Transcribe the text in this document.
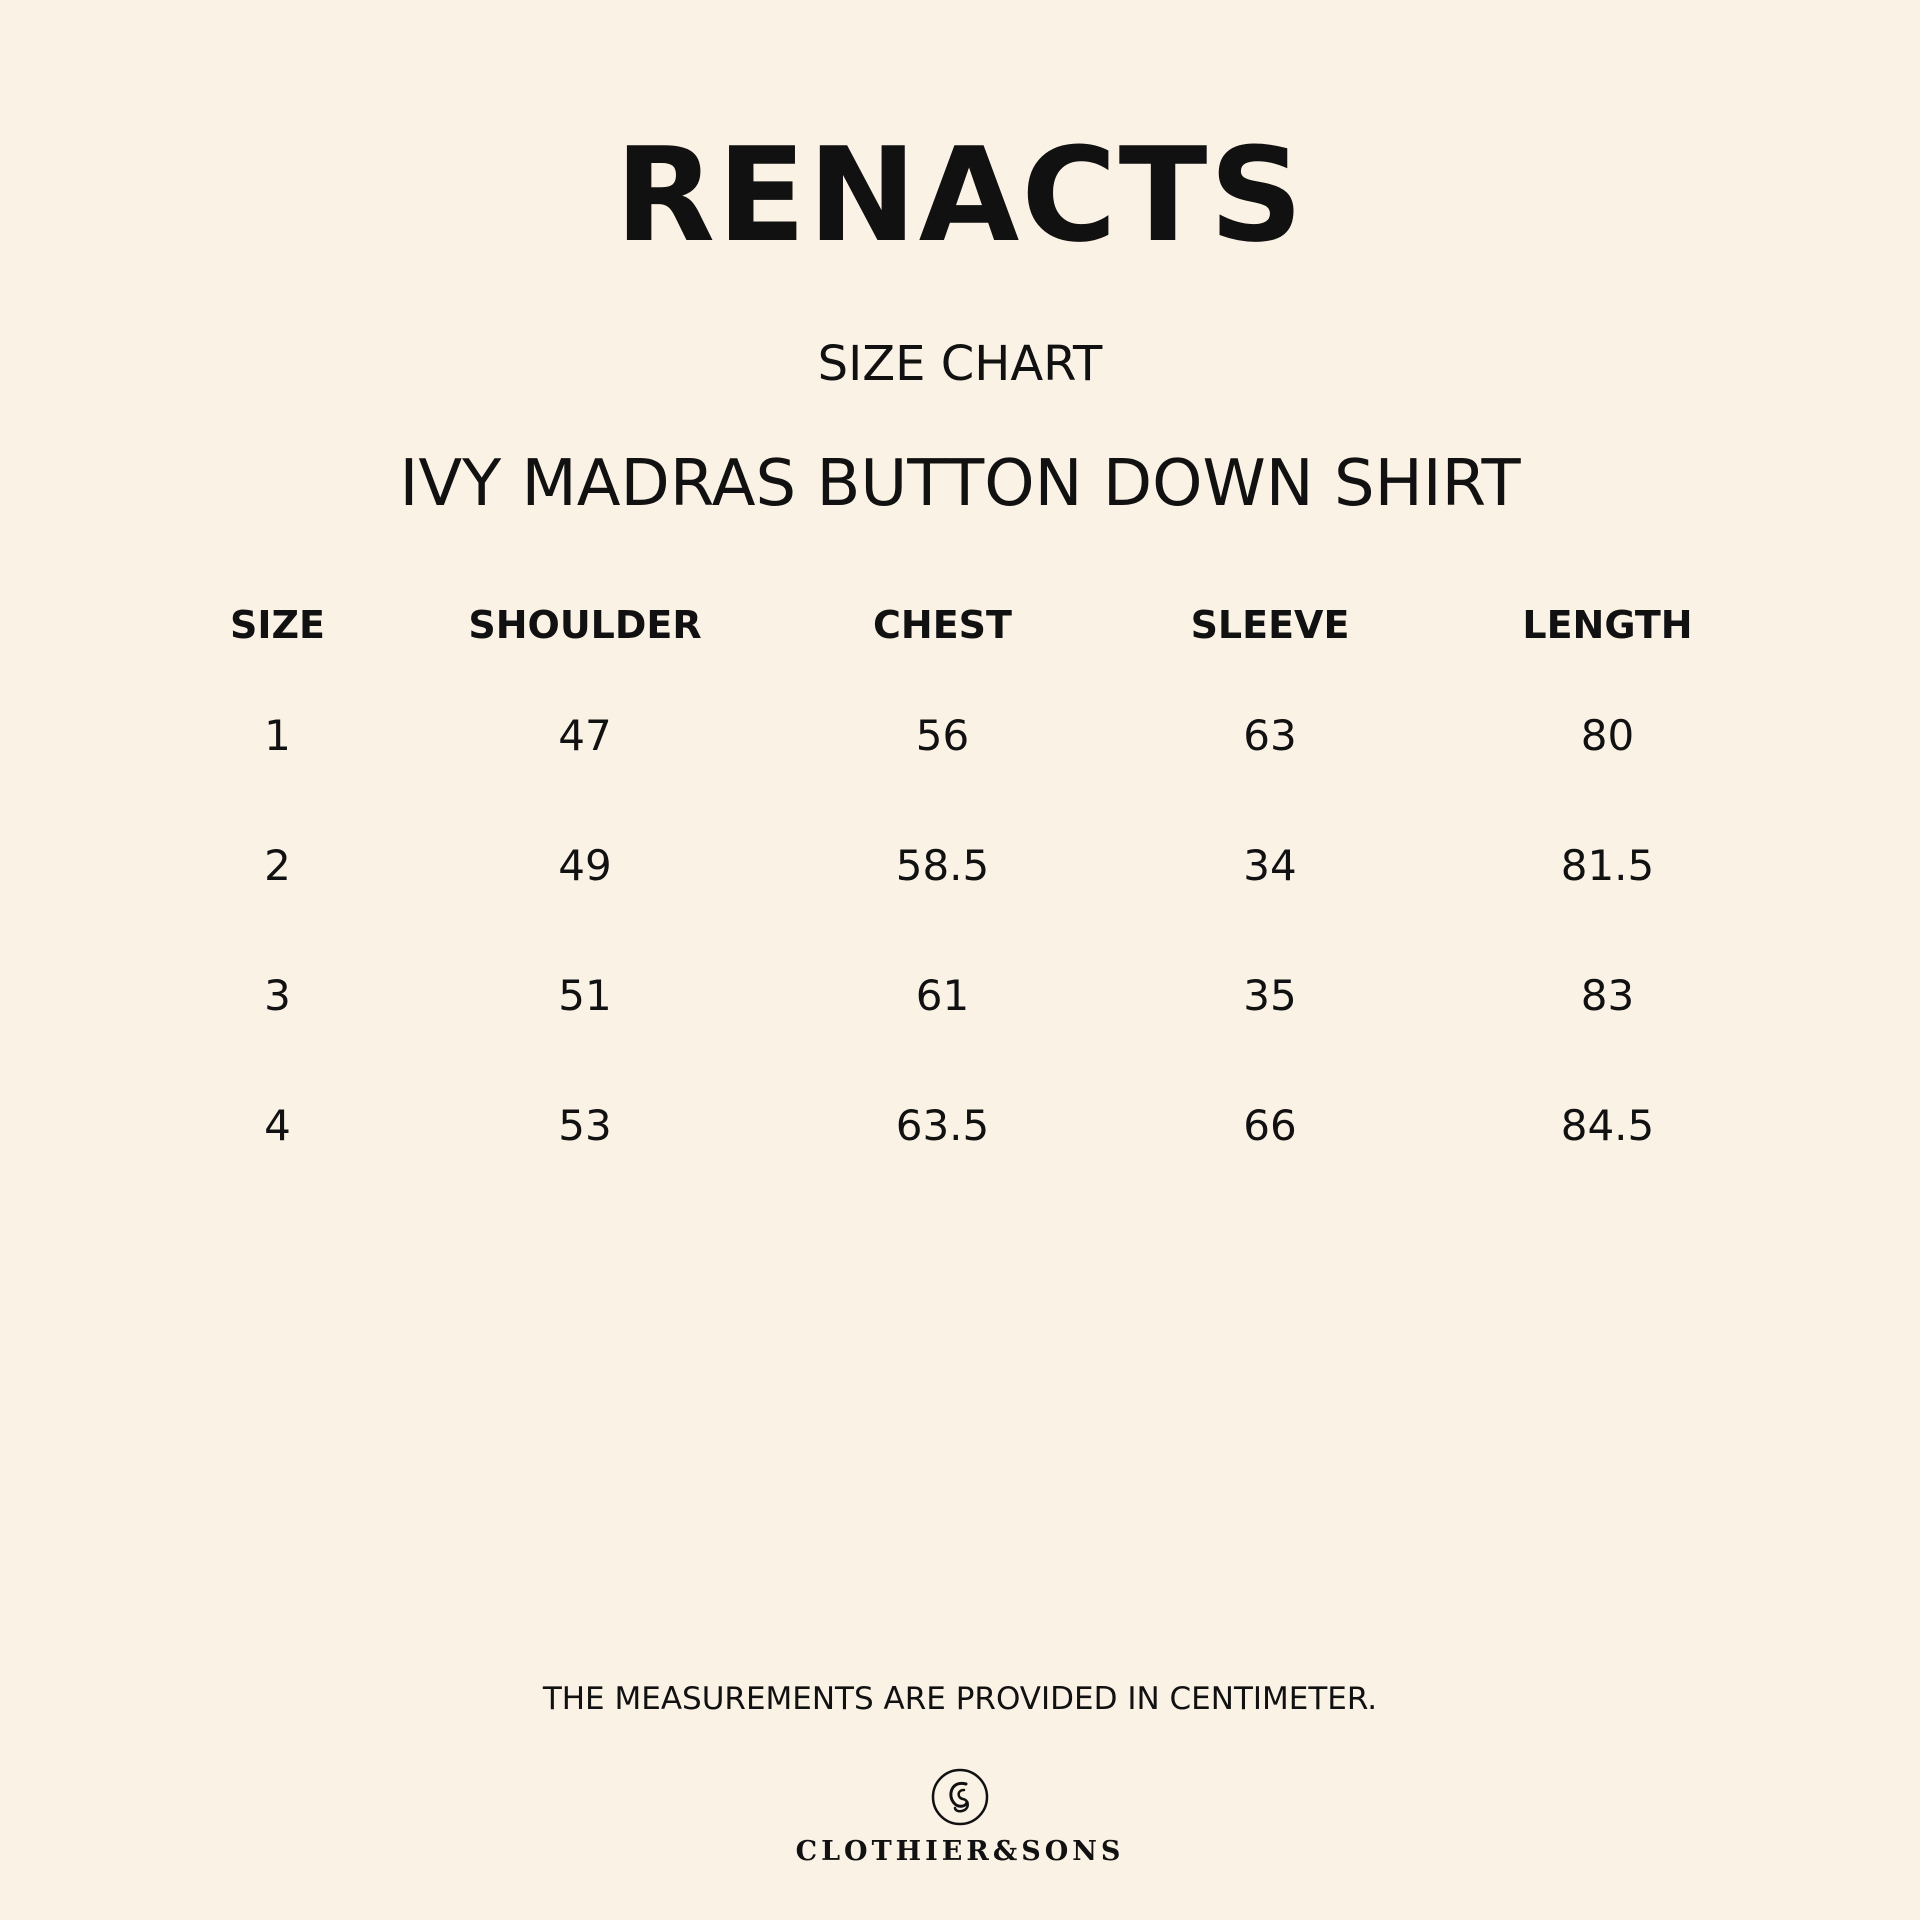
RENACTS
SIZE CHART
IVY MADRAS BUTTON DOWN SHIRT
SIZE	SHOULDER	CHEST	SLEEVE	LENGTH
1	47	56	63	80
2	49	58.5	34	81.5
3	51	61	35	83
4	53	63.5	66	84.5
THE MEASUREMENTS ARE PROVIDED IN CENTIMETER.
CLOTHIER&SONS
